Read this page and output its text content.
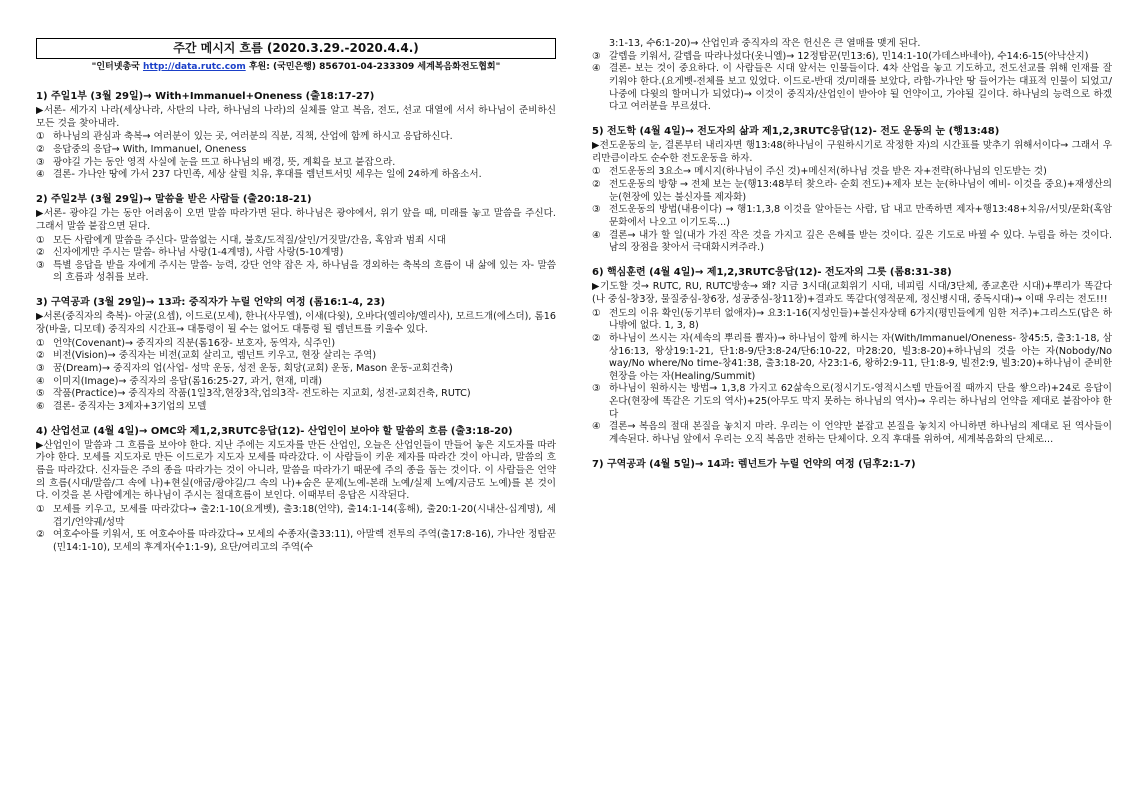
주간 메시지 흐름 (2020.3.29.-2020.4.4.)
"인터넷총국 http://data.rutc.com 후원: (국민은행) 856701-04-233309 세계복음화전도협회"
1) 주일1부 (3월 29일)→ With+Immanuel+Oneness (출18:17-27)

▶서론- 세가지 나라(세상나라, 사탄의 나라, 하나님의 나라)의 실체를 알고 복음, 전도, 선교 대열에 서서 하나님이 준비하신 모든 것을 찾아내라.

① 하나님의 관심과 축복→ 여러분이 있는 곳, 여러분의 직분, 직책, 산업에 함께 하시고 응답하신다.
② 응답중의 응답→ With, Immanuel, Oneness
③ 광야길 가는 동안 영적 사실에 눈을 뜨고 하나님의 배경, 뜻, 계획을 보고 붙잡으라.
④ 결론- 가나안 땅에 가서 237 다민족, 세상 살릴 치유, 후대를 렘넌트서밋 세우는 일에 24하게 하옵소서.
2) 주일2부 (3월 29일)→ 말씀을 받은 사람들 (출20:18-21)

▶서론- 광야길 가는 동안 어려움이 오면 말씀 따라가면 된다. 하나님은 광야에서, 위기 앞을 때, 미래를 놓고 말씀을 주신다. 그래서 말씀 붙잡으면 된다.

① 모든 사람에게 말씀을 주신다- 말씀없는 시대, 불호/도적질/살인/거짓말/간음, 혹암과 범죄 시대
② 신자에게만 주시는 말씀- 하나님 사랑(1-4계명), 사람 사랑(5-10계명)
③ 특별 응답을 받을 자에게 주시는 말씀- 능력, 강단 언약 잡은 자, 하나님을 경외하는 축복의 흐름이 내 삶에 있는 자- 말씀의 흐름과 성취를 보라.
3) 구역공과 (3월 29일)→ 13과: 중직자가 누릴 언약의 여정 (롬16:1-4, 23)

▶서론(중직자의 축복)- 아굴(요셉), 이드로(모세), 한나(사무엘), 이새(다윗), 오바다(엘리야/엘리사), 모르드개(에스더), 롬16장(바울, 디모데) 중직자의 시간표→ 대통령이 될 수는 없어도 대통령 될 렘넌트를 키울수 있다.

① 언약(Covenant)→ 중직자의 직분(롬16장- 보호자, 동역자, 식주인)
② 비전(Vision)→ 중직자는 비전(교회 살리고, 렘넌트 키우고, 현장 살리는 주역)
③ 꿈(Dream)→ 중직자의 업(사업- 성막 운동, 성전 운동, 회당(교회) 운동, Mason 운동-교회건축)
④ 이미지(Image)→ 중직자의 응답(롬16:25-27, 과거, 현재, 미래)
⑤ 작품(Practice)→ 중직자의 작품(1일3작,현장3작,업의3작- 전도하는 지교회, 성전-교회건축, RUTC)
⑥ 결론- 중직자는 3제자+3기업의 모델
4) 산업선교 (4월 4일)→ OMC와 제1,2,3RUTC응답(12)- 산업인이 보아야 할 말씀의 흐름 (출3:18-20)

▶산업인이 말씀과 그 흐름을 보아야 한다. 지난 주에는 지도자를 만든 산업인, 오늘은 산업인들이 만들어 놓은 지도자를 따라가야 한다. 모세를 지도자로 만든 이드로가 지도자 모세를 따라갔다. 이 사람들이 키운 제자를 따라간 것이 아니라, 말씀의 흐름을 따라갔다. 신자들은 주의 종을 따라가는 것이 아니라, 말씀을 따라가기 때문에 주의 종을 돕는 것이다. 이 사람들은 언약의 흐름(시대/말씀/그 속에 나)+현실(애굽/광야길/그 속의 나)+숨은 문제(노예-본래 노예/실제 노예/지금도 노예)를 본 것이다. 이것을 본 사람에게는 하나님이 주시는 절대흐름이 보인다. 이때부터 응답은 시작된다.

① 모세를 키우고, 모세를 따라갔다→ 출2:1-10(요게벳), 출3:18(언약), 출14:1-14(홍해), 출20:1-20(시내산-십계명), 세겹기/언약궤/성막
② 여호수아를 키워서, 또 여호수아를 따라갔다→ 모세의 수종자(출33:11), 아말렉 전투의 주역(출17:8-16), 가나안 정탐꾼(민14:1-10), 모세의 후계자(수1:1-9), 요단/여리고의 주역(수
3:1-13, 수6:1-20)→ 산업인과 중직자의 작은 헌신은 큰 열매를 맺게 된다.
③ 갈렙을 키워서, 갈렙을 따라나섰다(옷니엘)→ 12정탐꾼(민13:6), 민14:1-10(가데스바네아), 수14:6-15(아낙산지)
④ 결론- 보는 것이 중요하다. 이 사람들은 시대 앞서는 인물들이다. 4차 산업을 놓고 기도하고, 전도선교를 위해 인재를 잘 키워야 한다.(요게벳-전체를 보고 있었다. 이드로-반대 것/미래를 보았다, 라합-가나안 땅 들어가는 대표적 인물이 되었고/나중에 다윗의 할머니가 되었다)→ 이것이 중직자/산업인이 받아야 될 언약이고, 가야될 길이다. 하나님의 능력으로 하겠다고 여러분을 부르셨다.
5) 전도학 (4월 4일)→ 전도자의 삶과 제1,2,3RUTC응답(12)- 전도 운동의 눈 (행13:48)

▶전도운동의 눈, 결론부터 내리자면 행13:48(하나님이 구원하시기로 작정한 자)의 시간표를 맞추기 위해서이다→ 그래서 우리만큼이라도 순수한 전도운동을 하자.

① 전도운동의 3요소→ 메시지(하나님이 주신 것)+메신저(하나님 것을 받은 자+전략(하나님의 인도받는 것)
② 전도운동의 방향 → 전체 보는 눈(행13:48부터 찾으라- 순회 전도)+제자 보는 눈(하나님이 예비- 이것을 중요)+재생산의 눈(현장에 있는 불신자를 제자화)
③ 전도운동의 방법(내용이다) → 행1:1,3,8 이것을 알아듣는 사람, 답 내고 만족하면 제자+행13:48+치유/서밋/문화(혹암문화에서 나오고 이기도록...)
④ 결론→ 내가 할 일(내가 가진 작은 것을 가지고 깊은 은혜를 받는 것이다. 깊은 기도로 바뀔 수 있다. 누림을 하는 것이다. 남의 장점을 찾아서 극대화시켜주라.)
6) 핵심훈련 (4월 4일)→ 제1,2,3RUTC응답(12)- 전도자의 그릇 (롬8:31-38)

▶기도할 것→ RUTC, RU, RUTC방송→ 왜? 지금 3시대(교회위기 시대, 네피림 시대/3단체, 종교혼란 시대)+뿌리가 똑같다(나 중심-창3장, 물질중심-창6장, 성공중심-창11장)+결과도 똑같다(영적문제, 정신병시대, 중독시대)→ 이때 우리는 전도!!!

① 전도의 이유 확인(동기부터 없애자)→ 요3:1-16(지성인들)+불신자상태 6가지(평민들에게 임한 저주)+그리스도(답은 하나밖에 없다. 1, 3, 8)
② 하나님이 쓰시는 자(세속의 뿌리를 뽑자)→ 하나님이 함께 하시는 자(With/Immanuel/Oneness- 창45:5, 출3:1-18, 삼상16:13, 왕상19:1-21, 단1:8-9/단3:8-24/단6:10-22, 마28:20, 빌3:8-20)+하나님의 것을 아는 자(Nobody/No way/No where/No time-창41:38, 출3:18-20, 사23:1-6, 왕하2:9-11, 단1:8-9, 빌전2:9, 빌3:20)+하나님이 준비한 현장을 아는 자(Healing/Summit)
③ 하나님이 원하시는 방법→ 1,3,8 가지고 62삶속으로(정시기도-영적시스템 만들어질 때까지 단을 쌓으라)+24로 응답이 온다(현장에 똑같은 기도의 역사)+25(아무도 막지 못하는 하나님의 역사)→ 우리는 하나님의 언약을 제대로 붙잡아야 한다
④ 결론→ 복음의 절대 본질을 놓치지 마라. 우리는 이 언약만 붙잡고 본질을 놓치지 아니하면 하나님의 제대로 된 역사들이 계속된다. 하나님 앞에서 우리는 오직 복음만 전하는 단체이다. 오직 후대를 위하여, 세계복음화의 단체로...
7) 구역공과 (4월 5일)→ 14과: 렘넌트가 누릴 언약의 여정 (딤후2:1-7)
